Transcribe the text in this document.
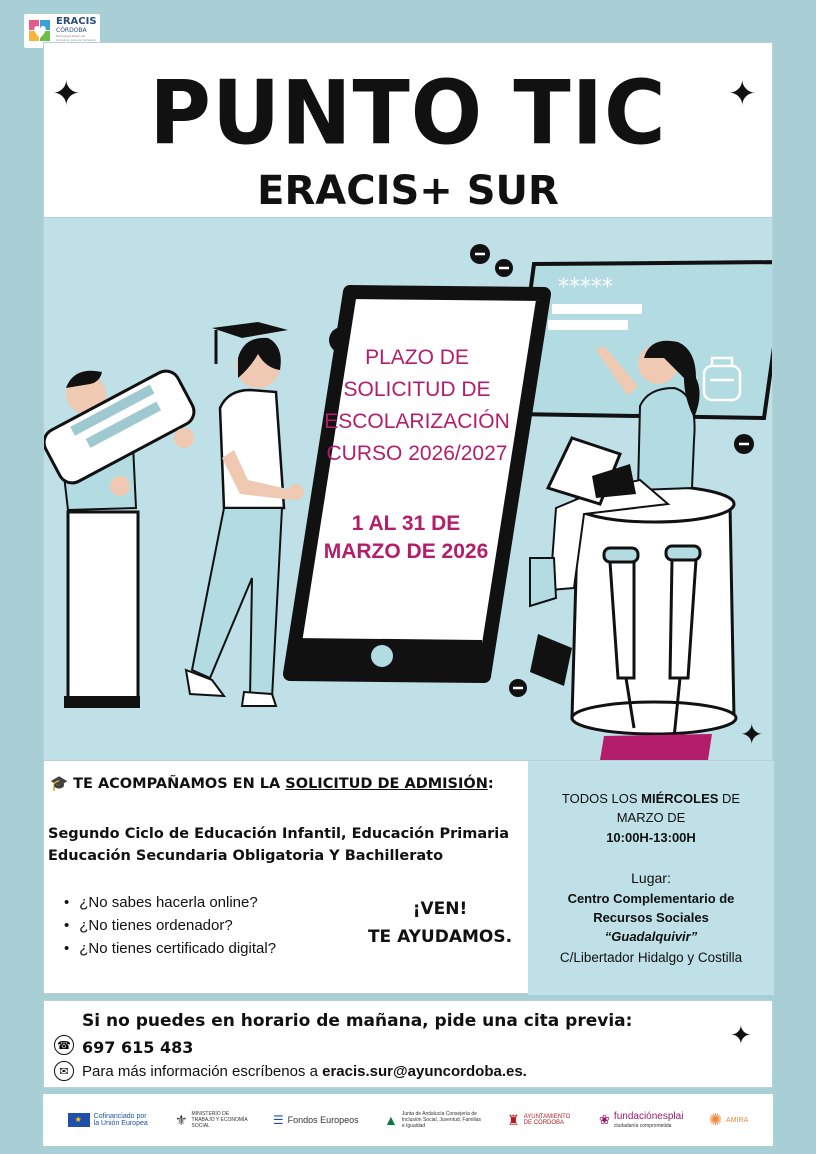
ERACIS
CÓRDOBA
Estrategia Regional Andaluza para la Cohesión
✦	✦
PUNTO TIC
ERACIS+ SUR
✦
*****
PLAZO DE
SOLICITUD DE
ESCOLARIZACIÓN
CURSO 2026/2027
1 AL 31 DE
MARZO DE 2026
🎓 TE ACOMPAÑAMOS EN LA SOLICITUD DE ADMISIÓN:
Segundo Ciclo de Educación Infantil, Educación Primaria
Educación Secundaria Obligatoria Y Bachillerato
• ¿No sabes hacerla online?
• ¿No tienes ordenador?
• ¿No tienes certificado digital?
¡VEN!
TE AYUDAMOS.
TODOS LOS MIÉRCOLES DE
MARZO DE
10:00H-13:00H
Lugar:
Centro Complementario de
Recursos Sociales
“Guadalquivir”
C/Libertador Hidalgo y Costilla
✦
Si no puedes en horario de mañana, pide una cita previa:
☎ 697 615 483
✉ Para más información escríbenos a eracis.sur@ayuncordoba.es.
★
Cofinanciado por la Unión Europea ⚜ MINISTERIO DE TRABAJO Y ECONOMÍA SOCIAL	☰ Fondos Europeos ▲ Junta de Andalucía Consejería de Inclusión Social, Juventud, Familias e Igualdad	♜ AYUNTAMIENTO DE CÓRDOBA	❀ fundaciónesplai
ciudadanía comprometida	✺ AMIRA
